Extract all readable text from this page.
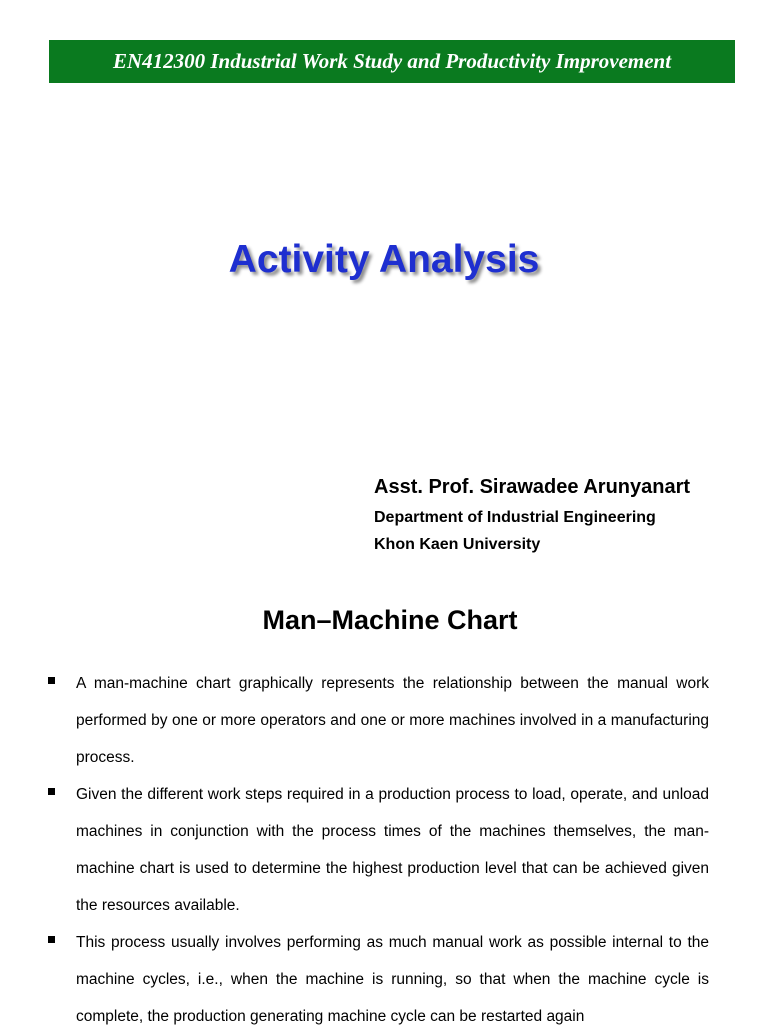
EN412300 Industrial Work Study and Productivity Improvement
Activity Analysis
Asst. Prof. Sirawadee Arunyanart
Department of Industrial Engineering
Khon Kaen University
Man–Machine Chart
A man-machine chart graphically represents the relationship between the manual work performed by one or more operators and one or more machines involved in a manufacturing process.
Given the different work steps required in a production process to load, operate, and unload machines in conjunction with the process times of the machines themselves, the man-machine chart is used to determine the highest production level that can be achieved given the resources available.
This process usually involves performing as much manual work as possible internal to the machine cycles, i.e., when the machine is running, so that when the machine cycle is complete, the production generating machine cycle can be restarted again
